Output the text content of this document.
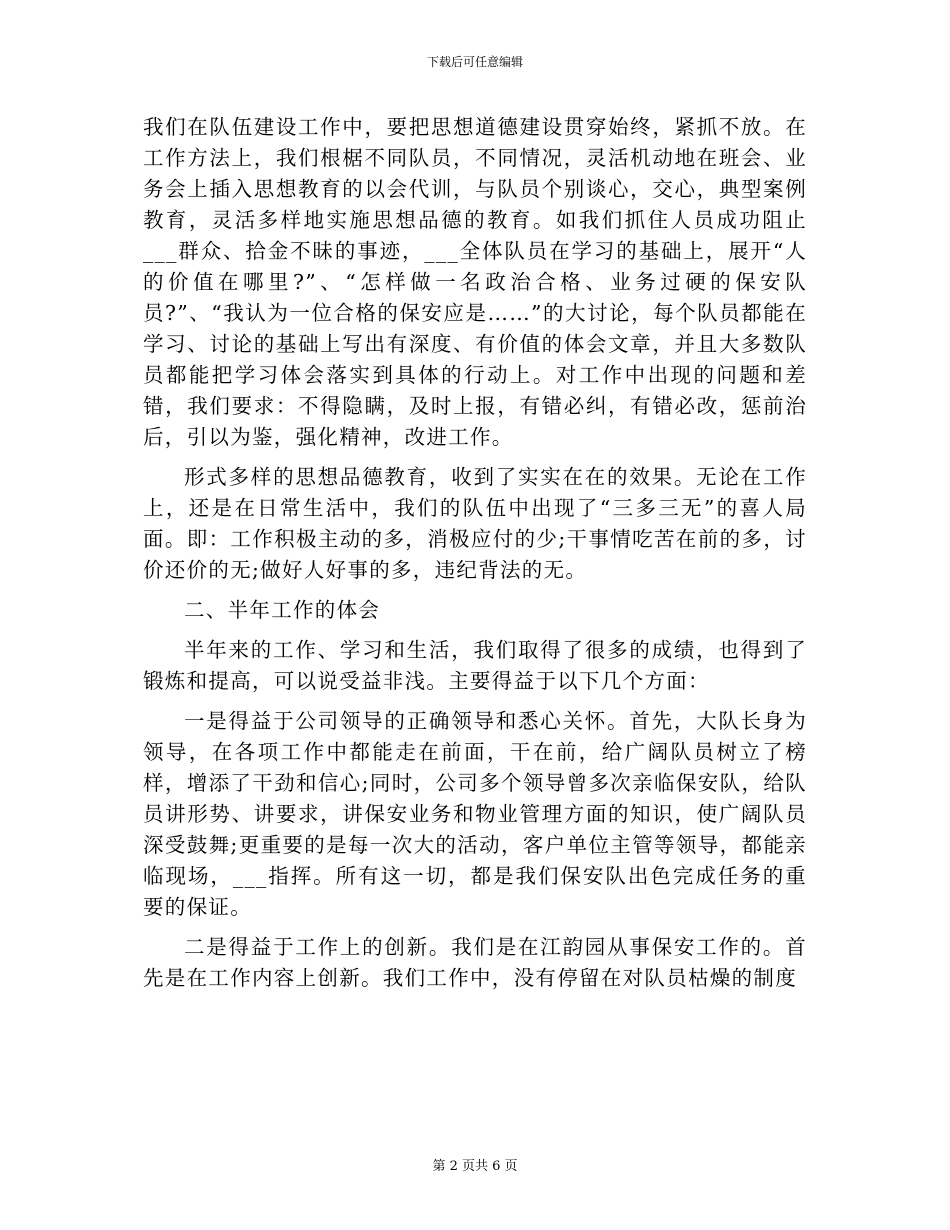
下载后可任意编辑

我们在队伍建设工作中，要把思想道德建设贯穿始终，紧抓不放。在工作方法上，我们根椐不同队员，不同情况，灵活机动地在班会、业务会上插入思想教育的以会代训，与队员个别谈心，交心，典型案例教育，灵活多样地实施思想品德的教育。如我们抓住人员成功阻止___群众、拾金不昧的事迹，___全体队员在学习的基础上，展开“人的价值在哪里?”、“怎样做一名政治合格、业务过硬的保安队员?”、“我认为一位合格的保安应是……”的大讨论，每个队员都能在学习、讨论的基础上写出有深度、有价值的体会文章，并且大多数队员都能把学习体会落实到具体的行动上。对工作中出现的问题和差错，我们要求：不得隐瞒，及时上报，有错必纠，有错必改，惩前治后，引以为鉴，强化精神，改进工作。

形式多样的思想品德教育，收到了实实在在的效果。无论在工作上，还是在日常生活中，我们的队伍中出现了“三多三无”的喜人局面。即：工作积极主动的多，消极应付的少;干事情吃苦在前的多，讨价还价的无;做好人好事的多，违纪背法的无。

二、半年工作的体会

半年来的工作、学习和生活，我们取得了很多的成绩，也得到了锻炼和提高，可以说受益非浅。主要得益于以下几个方面：

一是得益于公司领导的正确领导和悉心关怀。首先，大队长身为领导，在各项工作中都能走在前面，干在前，给广阔队员树立了榜样，增添了干劲和信心;同时，公司多个领导曾多次亲临保安队，给队员讲形势、讲要求，讲保安业务和物业管理方面的知识，使广阔队员深受鼓舞;更重要的是每一次大的活动，客户单位主管等领导，都能亲临现场，___指挥。所有这一切，都是我们保安队出色完成任务的重要的保证。

二是得益于工作上的创新。我们是在江韵园从事保安工作的。首先是在工作内容上创新。我们工作中，没有停留在对队员枯燥的制度

第 2 页共 6 页
